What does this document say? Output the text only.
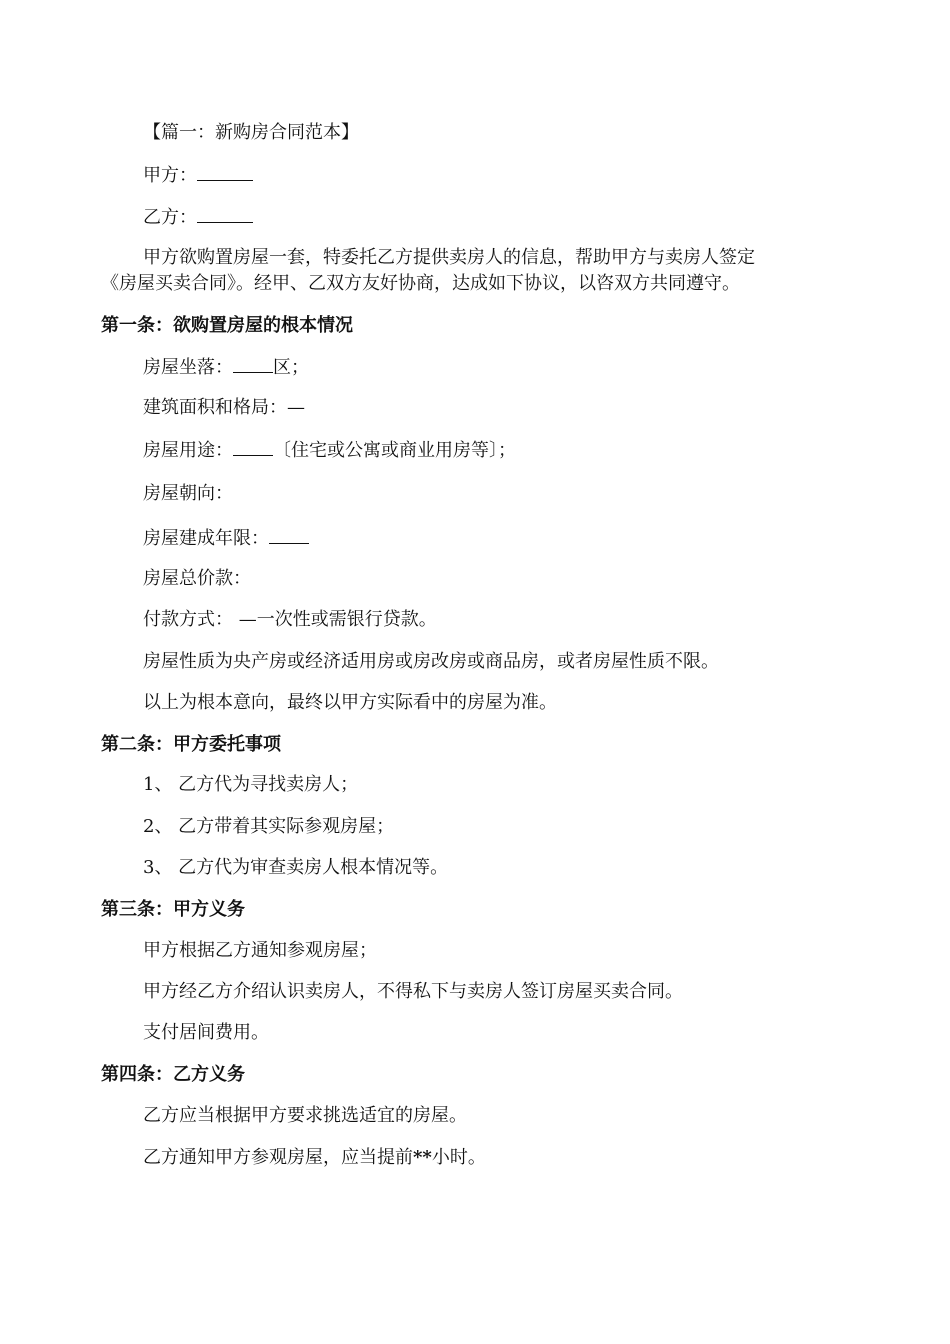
【篇一：新购房合同范本】
甲方：
乙方：
甲方欲购置房屋一套，特委托乙方提供卖房人的信息，帮助甲方与卖房人签定
《房屋买卖合同》。经甲、乙双方友好协商，达成如下协议，以咨双方共同遵守。
第一条：欲购置房屋的根本情况
房屋坐落： 区；
建筑面积和格局：—
房屋用途： 〔住宅或公寓或商业用房等〕；
房屋朝向：
房屋建成年限：
房屋总价款：
付款方式： —一次性或需银行贷款。
房屋性质为央产房或经济适用房或房改房或商品房，或者房屋性质不限。
以上为根本意向，最终以甲方实际看中的房屋为准。
第二条：甲方委托事项
1、 乙方代为寻找卖房人；
2、 乙方带着其实际参观房屋；
3、 乙方代为审查卖房人根本情况等。
第三条：甲方义务
甲方根据乙方通知参观房屋；
甲方经乙方介绍认识卖房人，不得私下与卖房人签订房屋买卖合同。
支付居间费用。
第四条：乙方义务
乙方应当根据甲方要求挑选适宜的房屋。
乙方通知甲方参观房屋，应当提前**小时。
